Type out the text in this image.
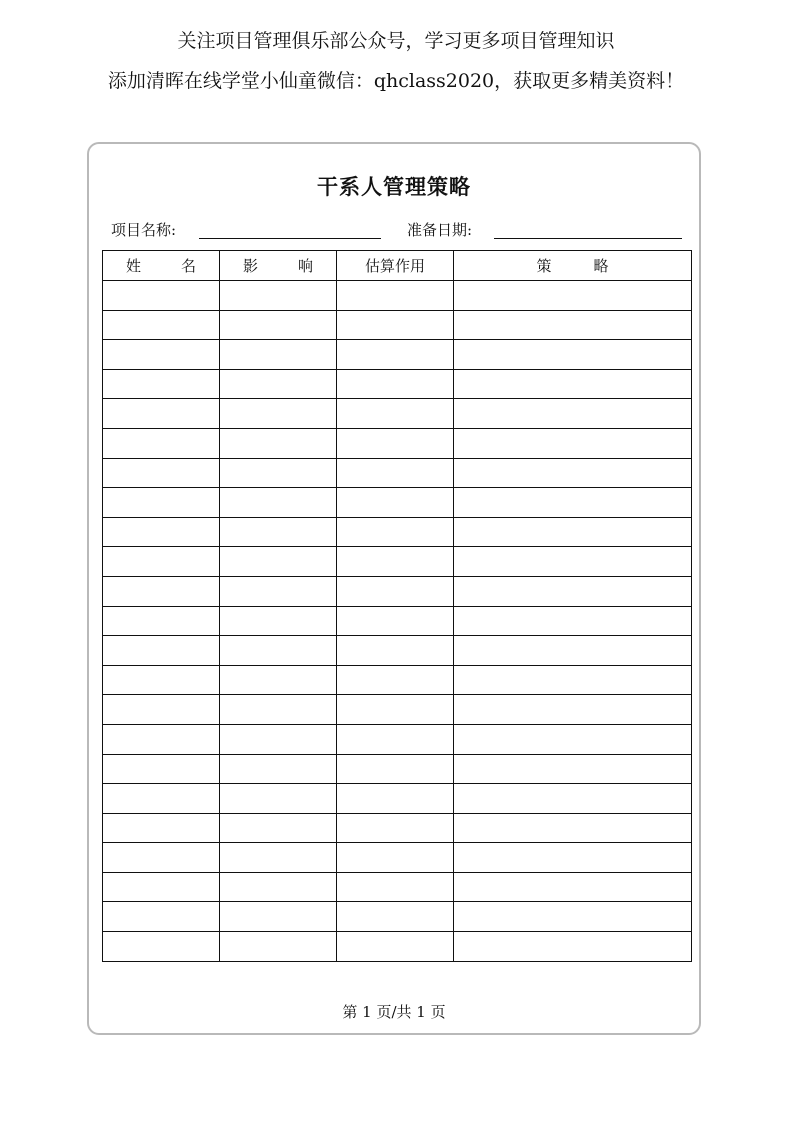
关注项目管理俱乐部公众号，学习更多项目管理知识
添加清晖在线学堂小仙童微信：qhclass2020，获取更多精美资料！
干系人管理策略
项目名称:	准备日期:
姓 名	影 响	估算作用	策 略

第 1 页/共 1 页
